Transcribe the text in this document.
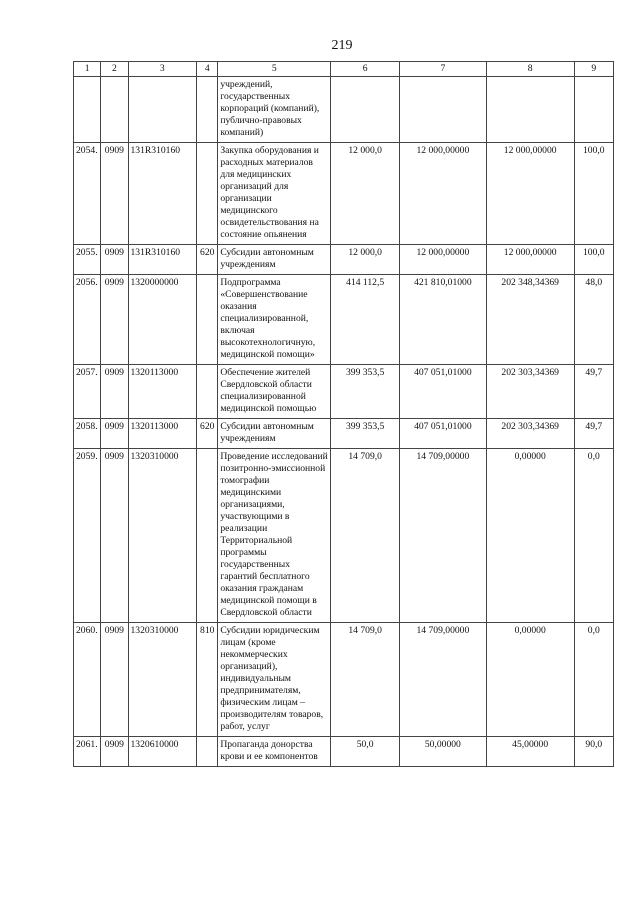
219
1	2	3	4	5	6	7	8	9
				учреждений, государственных корпораций (компаний), публично-правовых компаний)				
2054.	0909	131R310160		Закупка оборудования и расходных материалов для медицинских организаций для организации медицинского освидетельствования на состояние опьянения	12 000,0	12 000,00000	12 000,00000	100,0
2055.	0909	131R310160	620	Субсидии автономным учреждениям	12 000,0	12 000,00000	12 000,00000	100,0
2056.	0909	1320000000		Подпрограмма «Совершенствование оказания специализированной, включая высокотехнологичную, медицинской помощи»	414 112,5	421 810,01000	202 348,34369	48,0
2057.	0909	1320113000		Обеспечение жителей Свердловской области специализированной медицинской помощью	399 353,5	407 051,01000	202 303,34369	49,7
2058.	0909	1320113000	620	Субсидии автономным учреждениям	399 353,5	407 051,01000	202 303,34369	49,7
2059.	0909	1320310000		Проведение исследований позитронно-эмиссионной томографии медицинскими организациями, участвующими в реализации Территориальной программы государственных гарантий бесплатного оказания гражданам медицинской помощи в Свердловской области	14 709,0	14 709,00000	0,00000	0,0
2060.	0909	1320310000	810	Субсидии юридическим лицам (кроме некоммерческих организаций), индивидуальным предпринимателям, физическим лицам – производителям товаров, работ, услуг	14 709,0	14 709,00000	0,00000	0,0
2061.	0909	1320610000		Пропаганда донорства крови и ее компонентов	50,0	50,00000	45,00000	90,0
